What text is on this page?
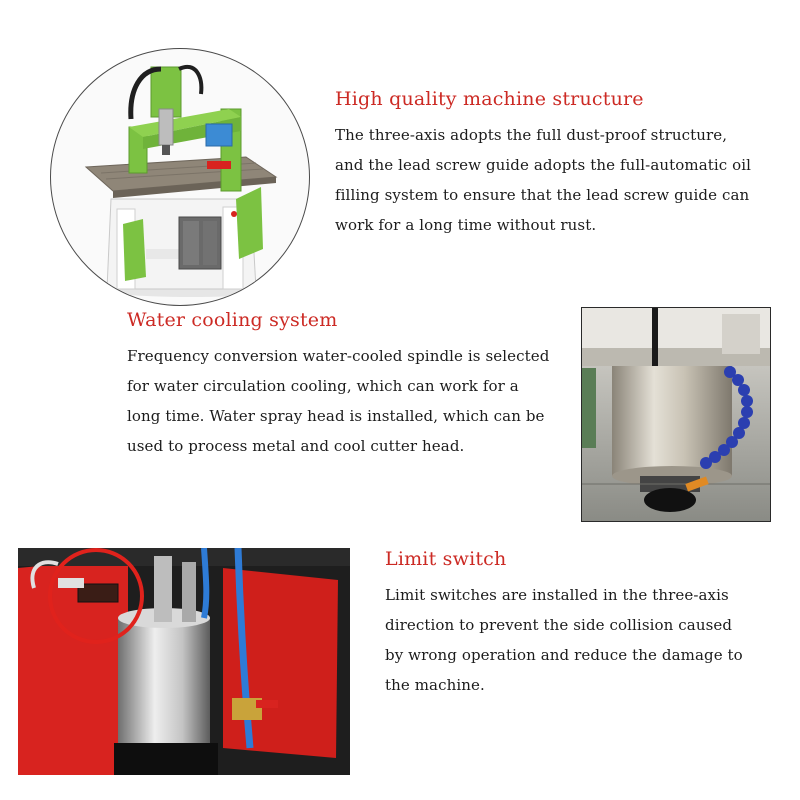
High quality machine structure

The three-axis adopts the full dust-proof structure,
and the lead screw guide adopts the full-automatic oil
filling system to ensure that the lead screw guide can
work for a long time without rust.

Water cooling system

Frequency conversion water-cooled spindle is selected
for water circulation cooling, which can work for a
long time. Water spray head is installed, which can be
used to process metal and cool cutter head.

Limit switch

Limit switches are installed in the three-axis
direction to prevent the side collision caused
by wrong operation and reduce the damage to
the machine.
